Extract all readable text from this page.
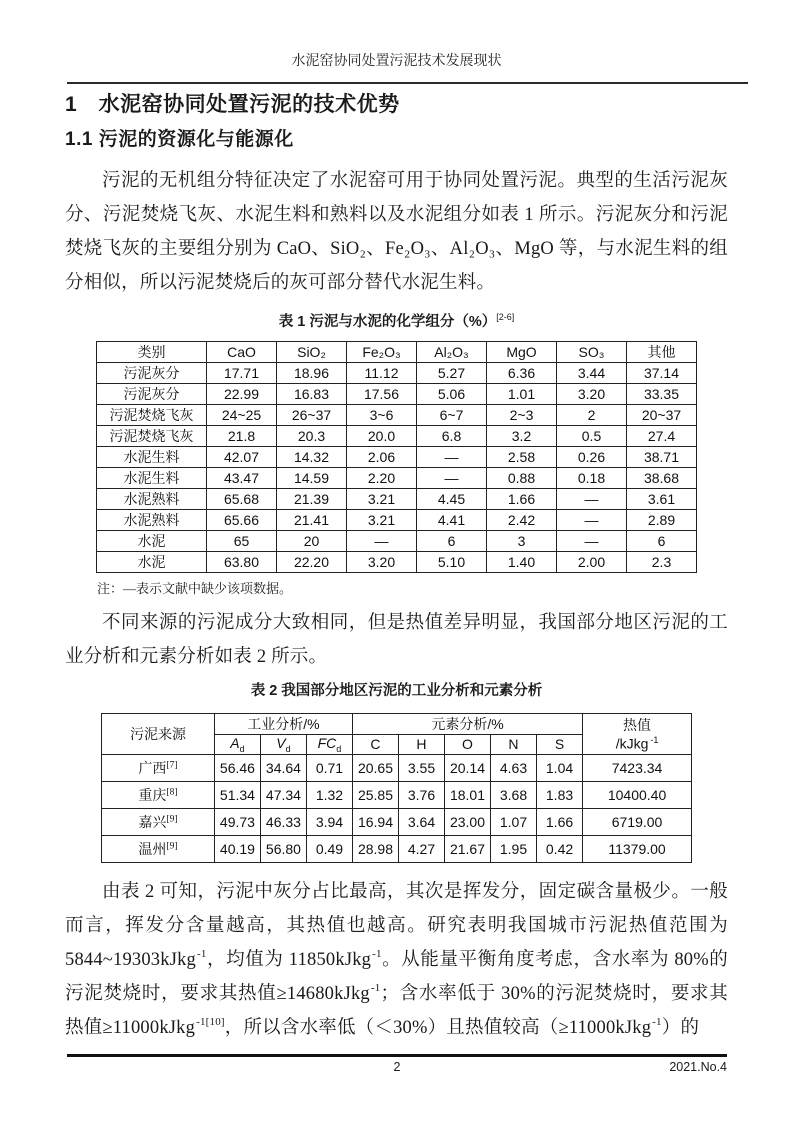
水泥窑协同处置污泥技术发展现状
1　水泥窑协同处置污泥的技术优势
1.1 污泥的资源化与能源化

污泥的无机组分特征决定了水泥窑可用于协同处置污泥。典型的生活污泥灰分、污泥焚烧飞灰、水泥生料和熟料以及水泥组分如表 1 所示。污泥灰分和污泥焚烧飞灰的主要组分别为 CaO、SiO₂、Fe₂O₃、Al₂O₃、MgO 等，与水泥生料的组分相似，所以污泥焚烧后的灰可部分替代水泥生料。

表 1 污泥与水泥的化学组分（%）[2-6]
类别	CaO	SiO₂	Fe₂O₃	Al₂O₃	MgO	SO₃	其他
污泥灰分	17.71	18.96	11.12	5.27	6.36	3.44	37.14
污泥灰分	22.99	16.83	17.56	5.06	1.01	3.20	33.35
污泥焚烧飞灰	24~25	26~37	3~6	6~7	2~3	2	20~37
污泥焚烧飞灰	21.8	20.3	20.0	6.8	3.2	0.5	27.4
水泥生料	42.07	14.32	2.06	—	2.58	0.26	38.71
水泥生料	43.47	14.59	2.20	—	0.88	0.18	38.68
水泥熟料	65.68	21.39	3.21	4.45	1.66	—	3.61
水泥熟料	65.66	21.41	3.21	4.41	2.42	—	2.89
水泥	65	20	—	6	3	—	6
水泥	63.80	22.20	3.20	5.10	1.40	2.00	2.3
注：—表示文献中缺少该项数据。

不同来源的污泥成分大致相同，但是热值差异明显，我国部分地区污泥的工业分析和元素分析如表 2 所示。

表 2 我国部分地区污泥的工业分析和元素分析
污泥来源	工业分析/%			元素分析/%					热值
/kJkg $^{-1}$

	$A_d$	$V_d$	$FC_d$	C	H	O	N	S	
广西[7]	56.46	34.64	0.71	20.65	3.55	20.14	4.63	1.04	7423.34
重庆[8]	51.34	47.34	1.32	25.85	3.76	18.01	3.68	1.83	10400.40
嘉兴[9]	49.73	46.33	3.94	16.94	3.64	23.00	1.07	1.66	6719.00
温州[9]	40.19	56.80	0.49	28.98	4.27	21.67	1.95	0.42	11379.00

由表 2 可知，污泥中灰分占比最高，其次是挥发分，固定碳含量极少。一般而言，挥发分含量越高，其热值也越高。研究表明我国城市污泥热值范围为5844~19303kJkg$^{-1}$，均值为 11850kJkg$^{-1}$。从能量平衡角度考虑，含水率为 80%的污泥焚烧时，要求其热值≥14680kJkg$^{-1}$；含水率低于 30%的污泥焚烧时，要求其热值≥11000kJkg$^{-1[10]}$，所以含水率低（＜30%）且热值较高（≥11000kJkg$^{-1}$）的

2	2021.No.4
